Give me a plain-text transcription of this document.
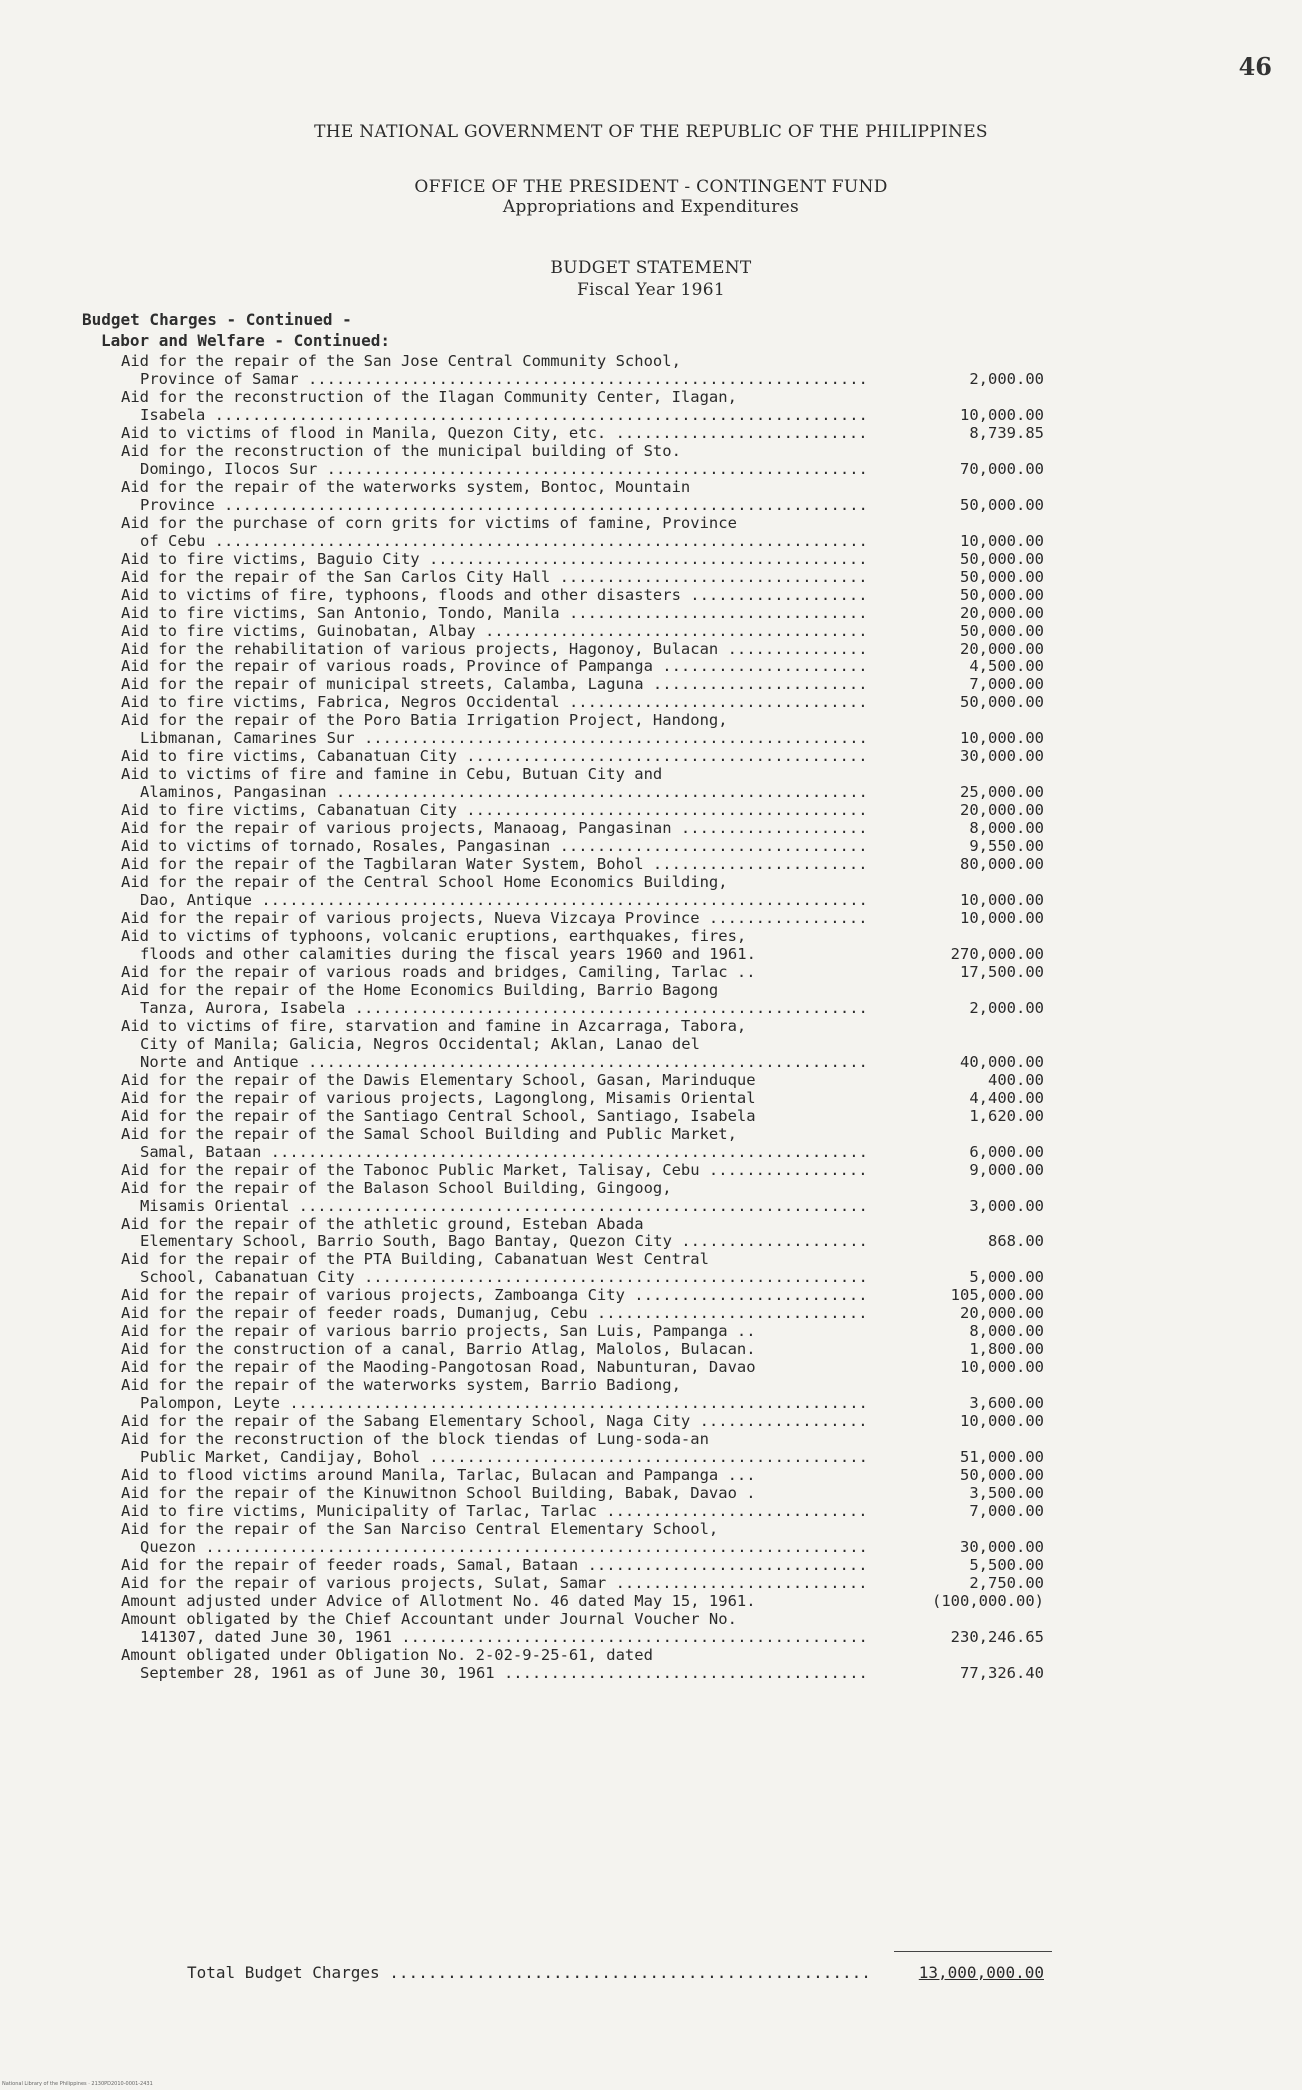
46
THE NATIONAL GOVERNMENT OF THE REPUBLIC OF THE PHILIPPINES
OFFICE OF THE PRESIDENT - CONTINGENT FUND
Appropriations and Expenditures
BUDGET STATEMENT
Fiscal Year 1961
Budget Charges - Continued -
Labor and Welfare - Continued:
Aid for the repair of the San Jose Central Community School,
Province of Samar .....	2,000.00
Aid for the reconstruction of the Ilagan Community Center, Ilagan,
Isabela .....	10,000.00
Aid to victims of flood in Manila, Quezon City, etc. .....	8,739.85
Aid for the reconstruction of the municipal building of Sto.
Domingo, Ilocos Sur .....	70,000.00
Aid for the repair of the waterworks system, Bontoc, Mountain
Province .....	50,000.00
Aid for the purchase of corn grits for victims of famine, Province
of Cebu .....	10,000.00
Aid to fire victims, Baguio City .....	50,000.00
Aid for the repair of the San Carlos City Hall .....	50,000.00
Aid to victims of fire, typhoons, floods and other disasters .....	50,000.00
Aid to fire victims, San Antonio, Tondo, Manila .....	20,000.00
Aid to fire victims, Guinobatan, Albay .....	50,000.00
Aid for the rehabilitation of various projects, Hagonoy, Bulacan .....	20,000.00
Aid for the repair of various roads, Province of Pampanga .....	4,500.00
Aid for the repair of municipal streets, Calamba, Laguna .....	7,000.00
Aid to fire victims, Fabrica, Negros Occidental .....	50,000.00
Aid for the repair of the Poro Batia Irrigation Project, Handong,
Libmanan, Camarines Sur .....	10,000.00
Aid to fire victims, Cabanatuan City .....	30,000.00
Aid to victims of fire and famine in Cebu, Butuan City and
Alaminos, Pangasinan .....	25,000.00
Aid to fire victims, Cabanatuan City .....	20,000.00
Aid for the repair of various projects, Manaoag, Pangasinan .....	8,000.00
Aid to victims of tornado, Rosales, Pangasinan .....	9,550.00
Aid for the repair of the Tagbilaran Water System, Bohol .....	80,000.00
Aid for the repair of the Central School Home Economics Building,
Dao, Antique .....	10,000.00
Aid for the repair of various projects, Nueva Vizcaya Province .....	10,000.00
Aid to victims of typhoons, volcanic eruptions, earthquakes, fires,
floods and other calamities during the fiscal years 1960 and 1961.	270,000.00
Aid for the repair of various roads and bridges, Camiling, Tarlac ..	17,500.00
Aid for the repair of the Home Economics Building, Barrio Bagong
Tanza, Aurora, Isabela .....	2,000.00
Aid to victims of fire, starvation and famine in Azcarraga, Tabora,
City of Manila; Galicia, Negros Occidental; Aklan, Lanao del
Norte and Antique .....	40,000.00
Aid for the repair of the Dawis Elementary School, Gasan, Marinduque	400.00
Aid for the repair of various projects, Lagonglong, Misamis Oriental	4,400.00
Aid for the repair of the Santiago Central School, Santiago, Isabela	1,620.00
Aid for the repair of the Samal School Building and Public Market,
Samal, Bataan .....	6,000.00
Aid for the repair of the Tabonoc Public Market, Talisay, Cebu .....	9,000.00
Aid for the repair of the Balason School Building, Gingoog,
Misamis Oriental .....	3,000.00
Aid for the repair of the athletic ground, Esteban Abada
Elementary School, Barrio South, Bago Bantay, Quezon City .....	868.00
Aid for the repair of the PTA Building, Cabanatuan West Central
School, Cabanatuan City .....	5,000.00
Aid for the repair of various projects, Zamboanga City .....	105,000.00
Aid for the repair of feeder roads, Dumanjug, Cebu .....	20,000.00
Aid for the repair of various barrio projects, San Luis, Pampanga ..	8,000.00
Aid for the construction of a canal, Barrio Atlag, Malolos, Bulacan.	1,800.00
Aid for the repair of the Maoding-Pangotosan Road, Nabunturan, Davao	10,000.00
Aid for the repair of the waterworks system, Barrio Badiong,
Palompon, Leyte .....	3,600.00
Aid for the repair of the Sabang Elementary School, Naga City .....	10,000.00
Aid for the reconstruction of the block tiendas of Lung-soda-an
Public Market, Candijay, Bohol .....	51,000.00
Aid to flood victims around Manila, Tarlac, Bulacan and Pampanga ...	50,000.00
Aid for the repair of the Kinuwitnon School Building, Babak, Davao .	3,500.00
Aid to fire victims, Municipality of Tarlac, Tarlac .....	7,000.00
Aid for the repair of the San Narciso Central Elementary School,
Quezon .....	30,000.00
Aid for the repair of feeder roads, Samal, Bataan .....	5,500.00
Aid for the repair of various projects, Sulat, Samar .....	2,750.00
Amount adjusted under Advice of Allotment No. 46 dated May 15, 1961.	(100,000.00)
Amount obligated by the Chief Accountant under Journal Voucher No.
141307, dated June 30, 1961 .....	230,246.65
Amount obligated under Obligation No. 2-02-9-25-61, dated
September 28, 1961 as of June 30, 1961 .....	77,326.40
Total Budget Charges .....	13,000,000.00
National Library of the Philippines · 2130PD2010-0001-2431
